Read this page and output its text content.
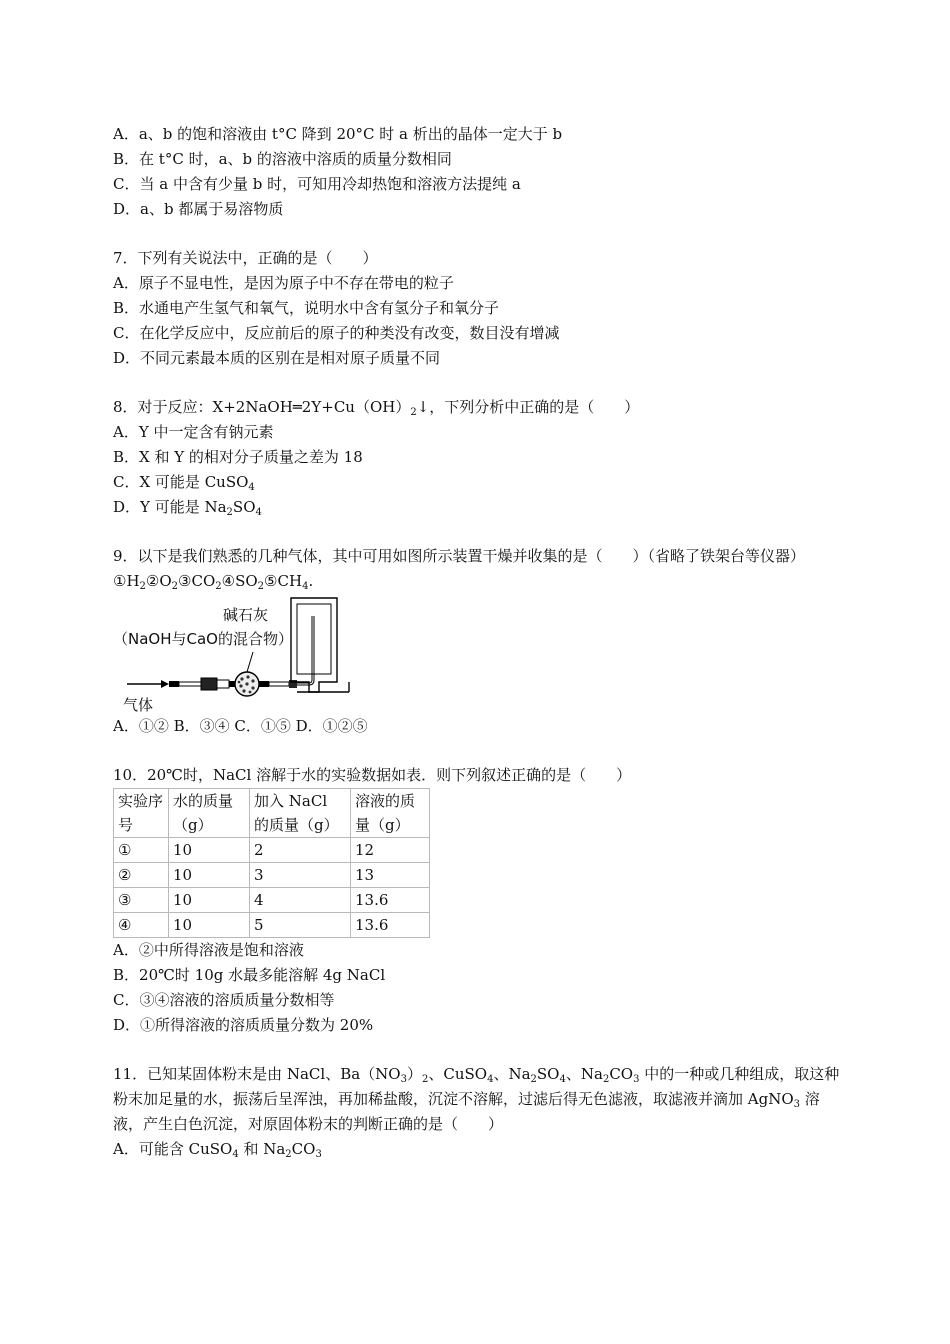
A．a、b 的饱和溶液由 t°C 降到 20°C 时 a 析出的晶体一定大于 b
B．在 t°C 时，a、b 的溶液中溶质的质量分数相同
C．当 a 中含有少量 b 时，可知用冷却热饱和溶液方法提纯 a
D．a、b 都属于易溶物质
7．下列有关说法中，正确的是（　　）
A．原子不显电性，是因为原子中不存在带电的粒子
B．水通电产生氢气和氧气，说明水中含有氢分子和氧分子
C．在化学反应中，反应前后的原子的种类没有改变，数目没有增减
D．不同元素最本质的区别在是相对原子质量不同
8．对于反应：$X+2NaOH═2Y+Cu(OH)_2↓$，下列分析中正确的是（　　）
A．Y 中一定含有钠元素
B．X 和 Y 的相对分子质量之差为 18
C．X 可能是 CuSO$_4$
D．Y 可能是 $Na_2SO_4$
9．以下是我们熟悉的几种气体，其中可用如图所示装置干燥并收集的是（　　）（省略了铁架台等仪器）
$①H_2②O_2③CO_2④SO_2⑤CH_4$.
碱石灰
（NaOH与CaO的混合物）
气体
A．①② B．③④ C．①⑤ D．①②⑤
10．20℃时，NaCl 溶解于水的实验数据如表．则下列叙述正确的是（　　）
实验序号	水的质量（g）	加入 NaCl 的质量（g）	溶液的质量（g）
①	10	2	12
②	10	3	13
③	10	4	13.6
④	10	5	13.6
A．②中所得溶液是饱和溶液
B．20℃时 10g 水最多能溶解 4g NaCl
C．③④溶液的溶质质量分数相等
D．①所得溶液的溶质质量分数为 20%
11．已知某固体粉末是由 NaCl、$Ba(NO_3)_2$、CuSO$_4$、$Na_2SO_4$、$Na_2CO_3$ 中的一种或几种组成，取这种粉末加足量的水，振荡后呈浑浊，再加稀盐酸，沉淀不溶解，过滤后得无色滤液，取滤液并滴加 AgNO$_3$ 溶液，产生白色沉淀，对原固体粉末的判断正确的是（　　）
A．可能含 CuSO$_4$ 和 $Na_2CO_3$
